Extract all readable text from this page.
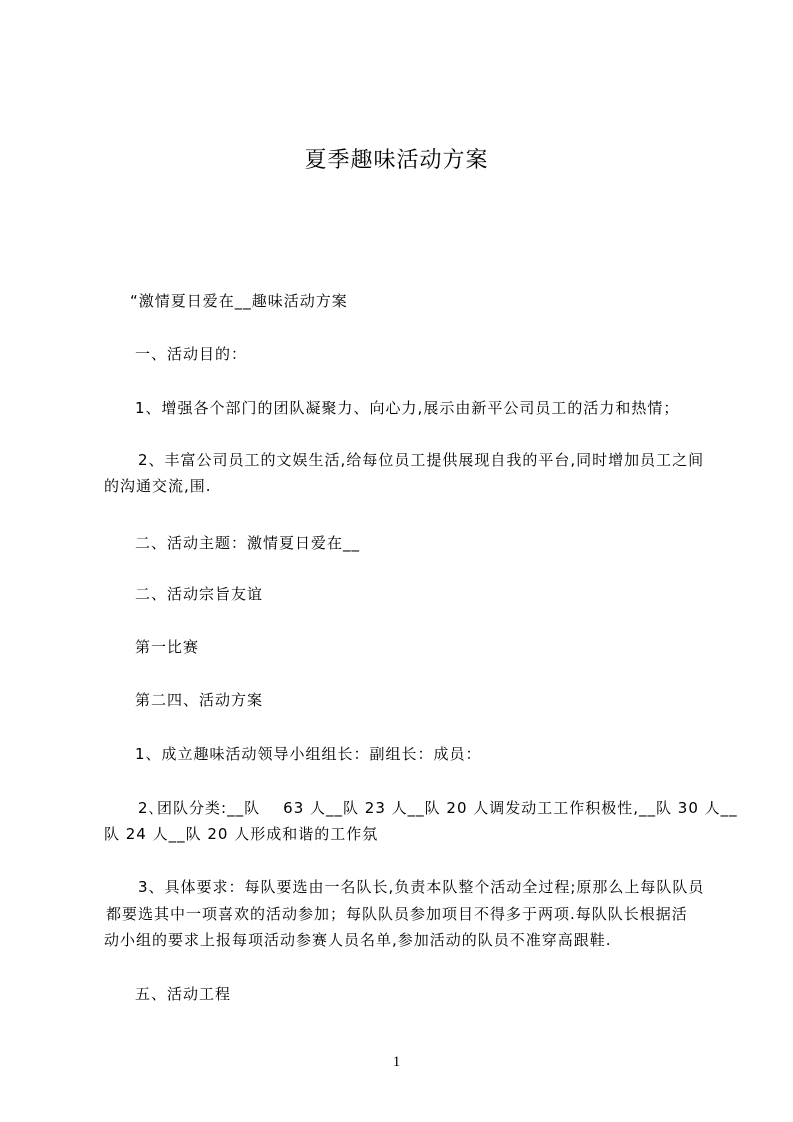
夏季趣味活动方案
“激情夏日爱在__趣味活动方案
一、活动目的：
1、增强各个部门的团队凝聚力、向心力,展示由新平公司员工的活力和热情；
2、丰富公司员工的文娱生活,给每位员工提供展现自我的平台,同时增加员工之间
的沟通交流,围.
二、活动主题：激情夏日爱在__
二、活动宗旨友谊
第一比赛
第二四、活动方案
1、成立趣味活动领导小组组长：副组长：成员：
2､团队分类:__队    63 人__队 23 人__队 20 人调发动工工作积极性,__队 30 人__
队 24 人__队 20 人形成和谐的工作氛
3、具体要求：每队要选由一名队长,负责本队整个活动全过程;原那么上每队队员
都要选其中一项喜欢的活动参加；每队队员参加项目不得多于两项.每队队长根据活
动小组的要求上报每项活动参赛人员名单,参加活动的队员不准穿高跟鞋.
五、活动工程
1
